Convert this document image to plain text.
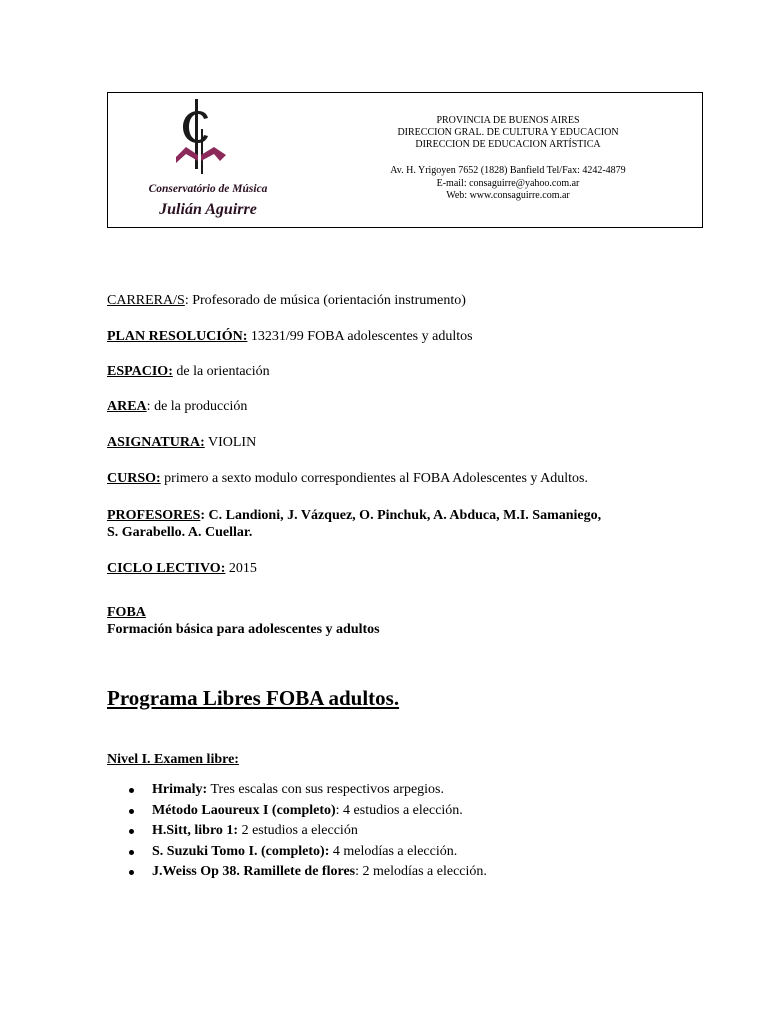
Conservatório de Música
Julián Aguirre
PROVINCIA DE BUENOS AIRES
DIRECCION GRAL. DE CULTURA Y EDUCACION
DIRECCION DE EDUCACION ARTÍSTICA
Av. H. Yrigoyen 7652 (1828) Banfield Tel/Fax: 4242-4879
E-mail: consaguirre@yahoo.com.ar
Web: www.consaguirre.com.ar
CARRERA/S: Profesorado de música (orientación instrumento)
PLAN RESOLUCIÓN: 13231/99 FOBA adolescentes y adultos
ESPACIO: de la orientación
AREA: de la producción
ASIGNATURA: VIOLIN
CURSO: primero a sexto modulo correspondientes al FOBA Adolescentes y Adultos.
PROFESORES: C. Landioni, J. Vázquez, O. Pinchuk, A. Abduca, M.I. Samaniego,
S. Garabello. A. Cuellar.
CICLO LECTIVO: 2015
FOBA
Formación básica para adolescentes y adultos
Programa Libres FOBA adultos.
Nivel I. Examen libre:
Hrimaly: Tres escalas con sus respectivos arpegios.
Método Laoureux I (completo): 4 estudios a elección.
H.Sitt, libro 1: 2 estudios a elección
S. Suzuki Tomo I. (completo): 4 melodías a elección.
J.Weiss Op 38. Ramillete de flores: 2 melodías a elección.
